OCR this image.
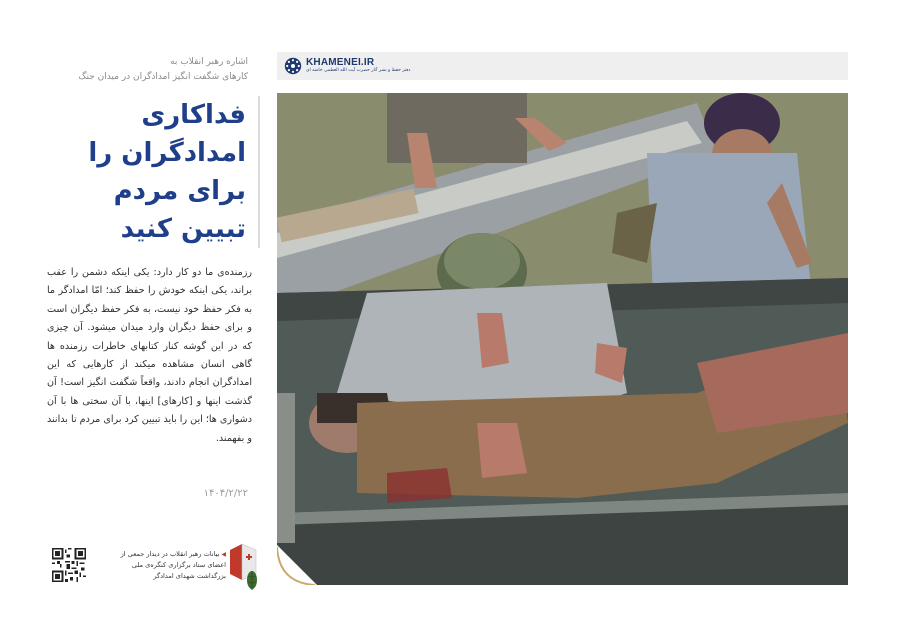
KHAMENEI.IR
دفتر حفظ و نشر آثار حضرت آیت الله العظمی خامنه ای
اشاره رهبر انقلاب به
کارهای شگفت انگیز امدادگران در میدان جنگ
فداکاری
امدادگران را
برای مردم
تبیین کنید

رزمنده‌ی ما دو کار دارد: یکی اینکه دشمن را عقب براند، یکی اینکه خودش را حفظ کند؛ امّا امدادگر ما به فکر حفظ خود نیست، به فکر حفظ دیگران است و برای حفظ دیگران وارد میدان میشود. آن چیزی که در این گوشه کنار کتابهای خاطرات رزمنده ها گاهی انسان مشاهده میکند از کارهایی که این امدادگران انجام دادند، واقعاً شگفت انگیز است! آن گذشت اینها و [کارهای] اینها، با آن سختی ها با آن دشواری ها؛ این را باید تبیین کرد برای مردم تا بدانند و بفهمند.

۱۴۰۴/۲/۲۲
◀ بیانات رهبر انقلاب در دیدار جمعی از
اعضای ستاد برگزاری کنگره‌ی ملی
بزرگداشت شهدای امدادگر
